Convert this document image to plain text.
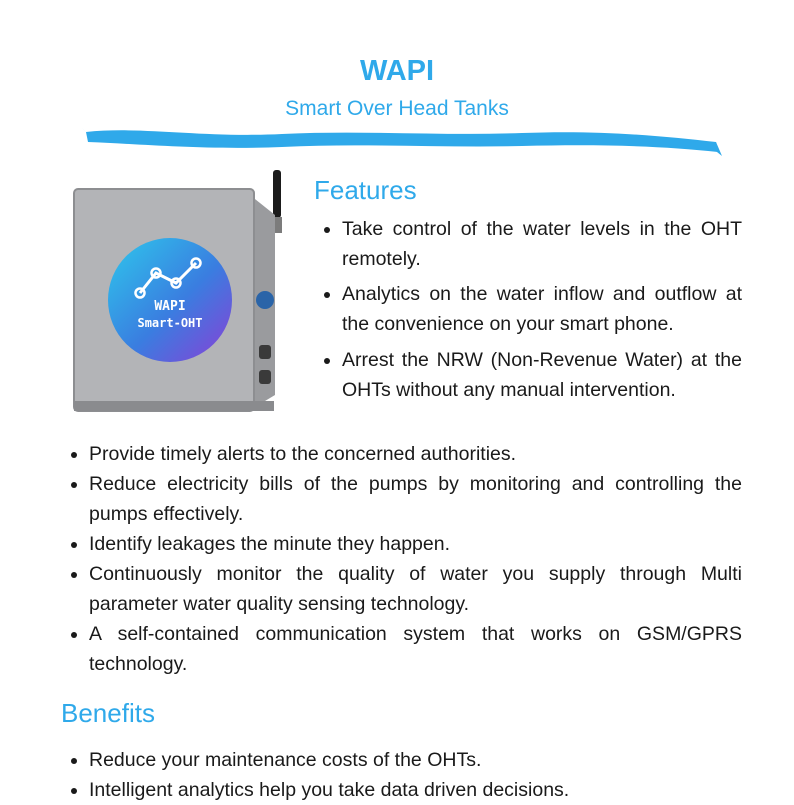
WAPI
Smart Over Head Tanks
WAPI
Smart-OHT
Features
Take control of the water levels in the OHT remotely.
Analytics on the water inflow and outflow at the convenience on your smart phone.
Arrest the NRW (Non-Revenue Water) at the OHTs without any manual intervention.
Provide timely alerts to the concerned authorities.
Reduce electricity bills of the pumps by monitoring and controlling the pumps effectively.
Identify leakages the minute they happen.
Continuously monitor the quality of water you supply through Multi parameter water quality sensing technology.
A self-contained communication system that works on GSM/GPRS technology.
Benefits
Reduce your maintenance costs of the OHTs.
Intelligent analytics help you take data driven decisions.
